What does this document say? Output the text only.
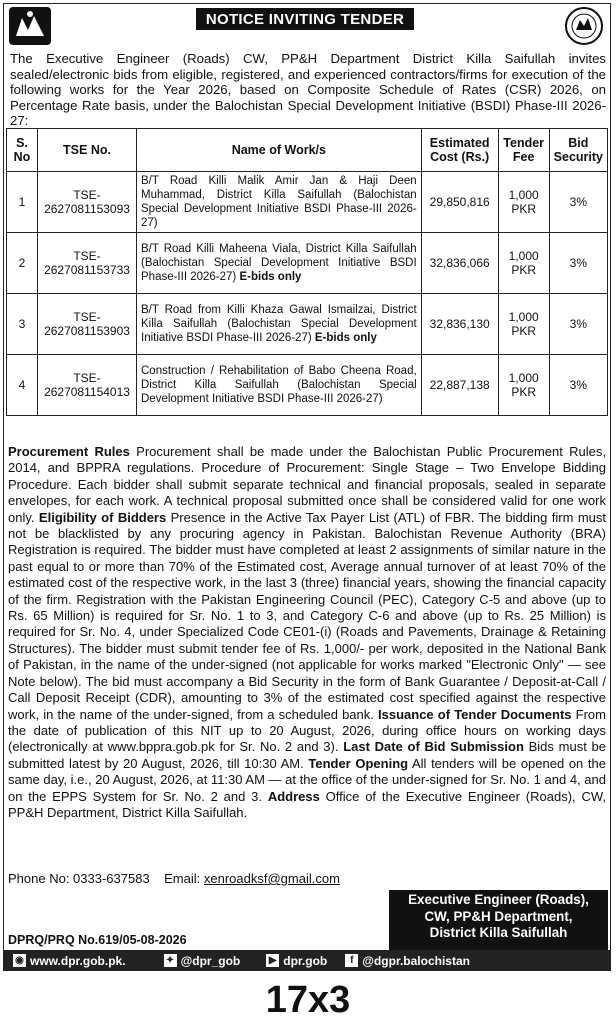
NOTICE INVITING TENDER
The Executive Engineer (Roads) CW, PP&H Department District Killa Saifullah invites sealed/electronic bids from eligible, registered, and experienced contractors/firms for execution of the following works for the Year 2026, based on Composite Schedule of Rates (CSR) 2026, on Percentage Rate basis, under the Balochistan Special Development Initiative (BSDI) Phase-III 2026-27:
S. No	TSE No.	Name of Work/s	Estimated Cost (Rs.)	Tender Fee	Bid Security
1	TSE-2627081153093	B/T Road Killi Malik Amir Jan & Haji Deen Muhammad, District Killa Saifullah (Balochistan Special Development Initiative BSDI Phase-III 2026-27)	29,850,816	1,000 PKR	3%
2	TSE-2627081153733	B/T Road Killi Maheena Viala, District Killa Saifullah (Balochistan Special Development Initiative BSDI Phase-III 2026-27) E-bids only	32,836,066	1,000 PKR	3%
3	TSE-2627081153903	B/T Road from Killi Khaza Gawal Ismailzai, District Killa Saifullah (Balochistan Special Development Initiative BSDI Phase-III 2026-27) E-bids only	32,836,130	1,000 PKR	3%
4	TSE-2627081154013	Construction / Rehabilitation of Babo Cheena Road, District Killa Saifullah (Balochistan Special Development Initiative BSDI Phase-III 2026-27)	22,887,138	1,000 PKR	3%
Procurement Rules Procurement shall be made under the Balochistan Public Procurement Rules, 2014, and BPPRA regulations. Procedure of Procurement: Single Stage – Two Envelope Bidding Procedure. Each bidder shall submit separate technical and financial proposals, sealed in separate envelopes, for each work. A technical proposal submitted once shall be considered valid for one work only. Eligibility of Bidders Presence in the Active Tax Payer List (ATL) of FBR. The bidding firm must not be blacklisted by any procuring agency in Pakistan. Balochistan Revenue Authority (BRA) Registration is required. The bidder must have completed at least 2 assignments of similar nature in the past equal to or more than 70% of the Estimated cost, Average annual turnover of at least 70% of the estimated cost of the respective work, in the last 3 (three) financial years, showing the financial capacity of the firm. Registration with the Pakistan Engineering Council (PEC), Category C-5 and above (up to Rs. 65 Million) is required for Sr. No. 1 to 3, and Category C-6 and above (up to Rs. 25 Million) is required for Sr. No. 4, under Specialized Code CE01-(i) (Roads and Pavements, Drainage & Retaining Structures). The bidder must submit tender fee of Rs. 1,000/- per work, deposited in the National Bank of Pakistan, in the name of the under-signed (not applicable for works marked "Electronic Only" — see Note below). The bid must accompany a Bid Security in the form of Bank Guarantee / Deposit-at-Call / Call Deposit Receipt (CDR), amounting to 3% of the estimated cost specified against the respective work, in the name of the under-signed, from a scheduled bank. Issuance of Tender Documents From the date of publication of this NIT up to 20 August, 2026, during office hours on working days (electronically at www.bppra.gob.pk for Sr. No. 2 and 3). Last Date of Bid Submission Bids must be submitted latest by 20 August, 2026, till 10:30 AM. Tender Opening All tenders will be opened on the same day, i.e., 20 August, 2026, at 11:30 AM — at the office of the under-signed for Sr. No. 1 and 4, and on the EPPS System for Sr. No. 2 and 3. Address Office of the Executive Engineer (Roads), CW, PP&H Department, District Killa Saifullah.
Phone No: 0333-637583 Email: xenroadksf@gmail.com
Executive Engineer (Roads),
CW, PP&H Department,
District Killa Saifullah
DPRQ/PRQ No.619/05-08-2026
◉ www.dpr.gob.pk.	✦ @dpr_gob	▶ dpr.gob	f @dgpr.balochistan
17x3
